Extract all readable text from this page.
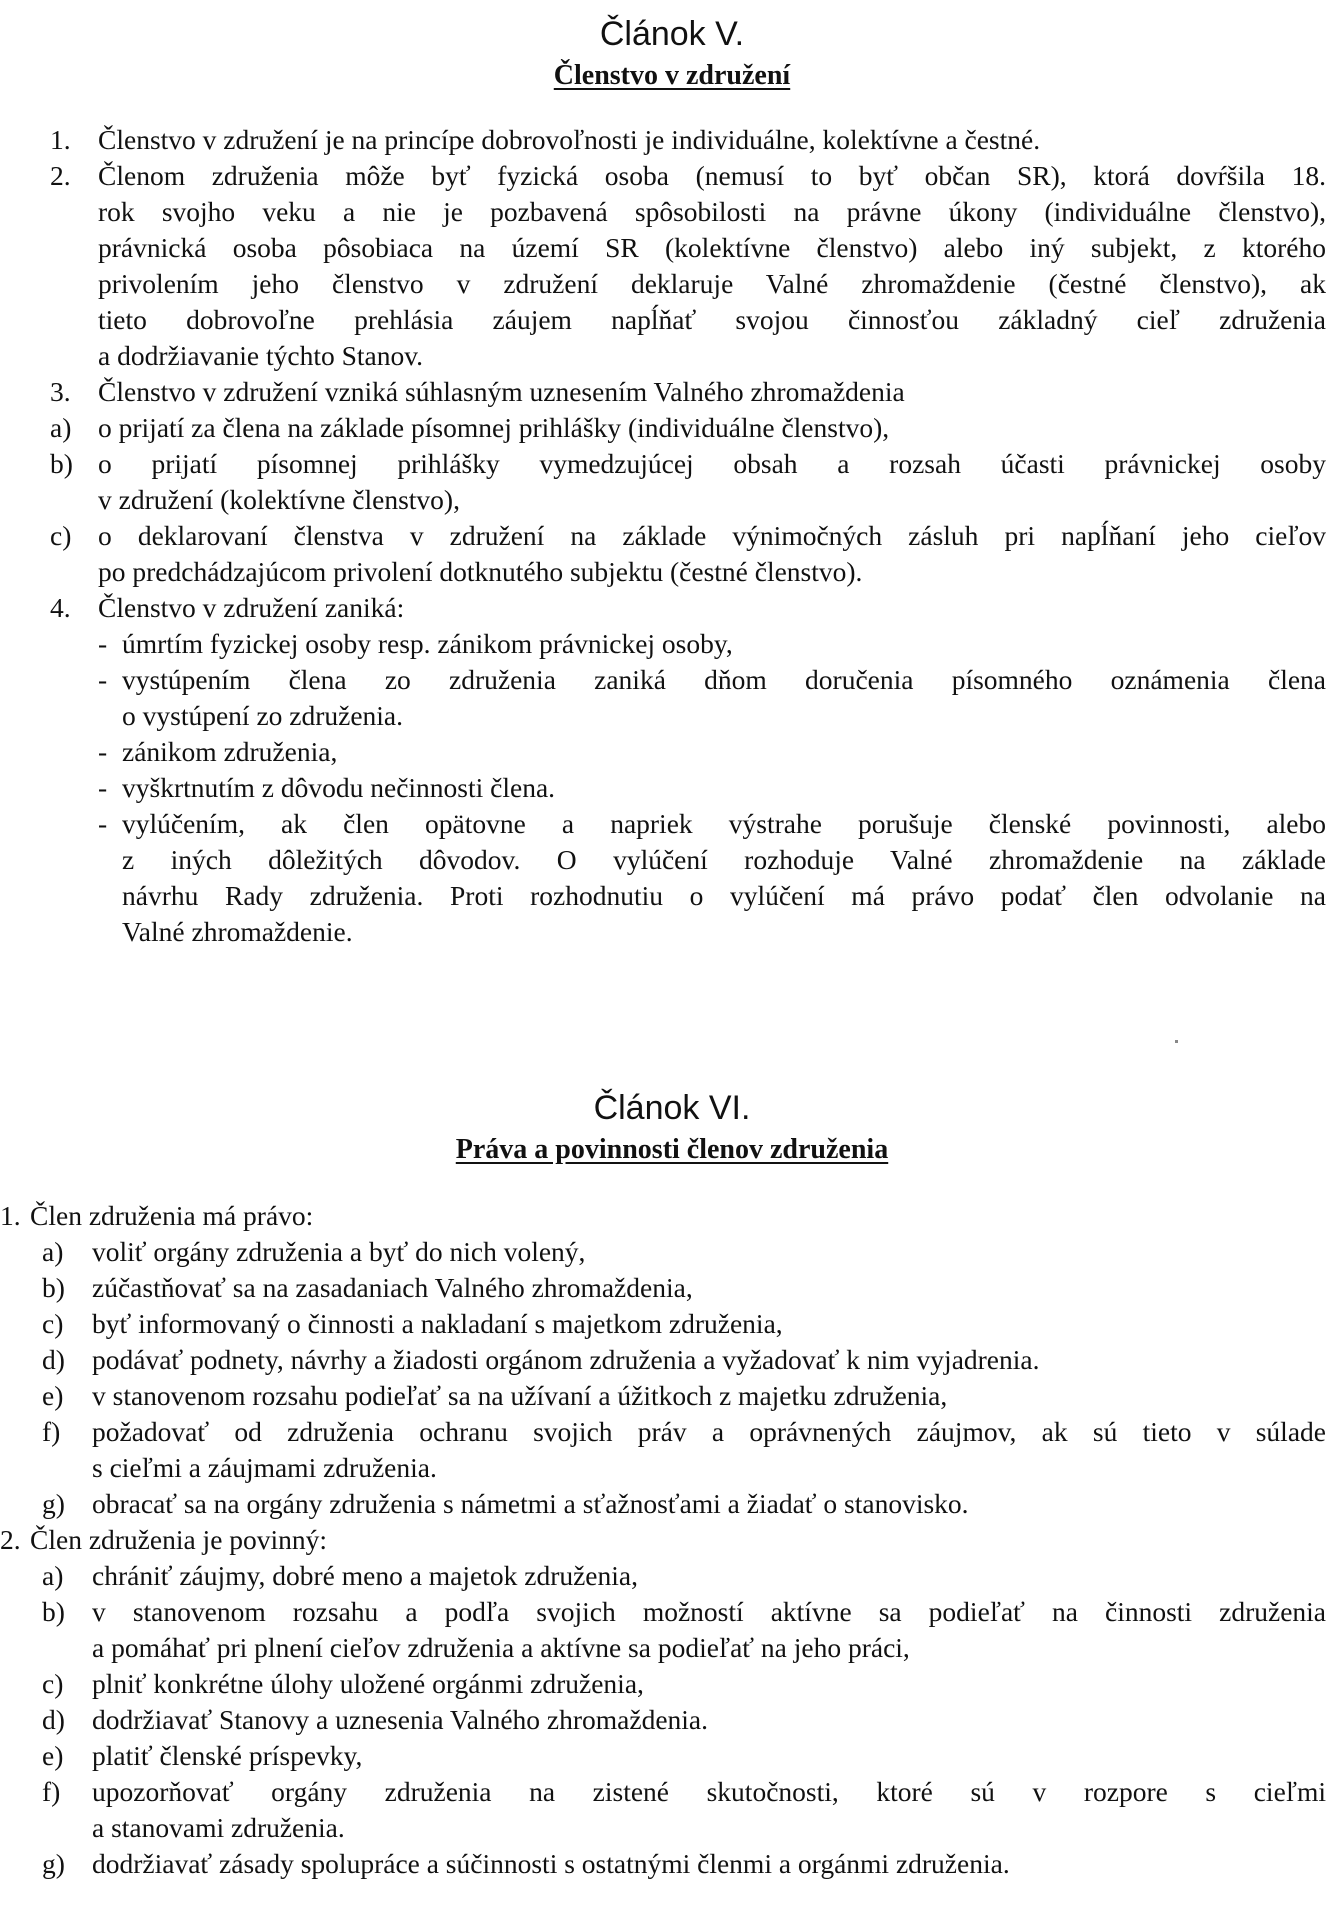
Článok V.
Členstvo v združení
1. Členstvo v združení je na princípe dobrovoľnosti je individuálne, kolektívne a čestné.
2. Členom združenia môže byť fyzická osoba (nemusí to byť občan SR), ktorá dovŕšila 18.
rok svojho veku a nie je pozbavená spôsobilosti na právne úkony (individuálne členstvo),
právnická osoba pôsobiaca na území SR (kolektívne členstvo) alebo iný subjekt, z ktorého
privolením jeho členstvo v združení deklaruje Valné zhromaždenie (čestné členstvo), ak
tieto dobrovoľne prehlásia záujem napĺňať svojou činnosťou základný cieľ združenia
a dodržiavanie týchto Stanov.
3. Členstvo v združení vzniká súhlasným uznesením Valného zhromaždenia
a) o prijatí za člena na základe písomnej prihlášky (individuálne členstvo),
b) o prijatí písomnej prihlášky vymedzujúcej obsah a rozsah účasti právnickej osoby
v združení (kolektívne členstvo),
c) o deklarovaní členstva v združení na základe výnimočných zásluh pri napĺňaní jeho cieľov
po predchádzajúcom privolení dotknutého subjektu (čestné členstvo).
4. Členstvo v združení zaniká:
- úmrtím fyzickej osoby resp. zánikom právnickej osoby,
- vystúpením člena zo združenia zaniká dňom doručenia písomného oznámenia člena
o vystúpení zo združenia.
- zánikom združenia,
- vyškrtnutím z dôvodu nečinnosti člena.
- vylúčením, ak člen opätovne a napriek výstrahe porušuje členské povinnosti, alebo
z iných dôležitých dôvodov. O vylúčení rozhoduje Valné zhromaždenie na základe
návrhu Rady združenia. Proti rozhodnutiu o vylúčení má právo podať člen odvolanie na
Valné zhromaždenie.
Článok VI.
Práva a povinnosti členov združenia
1. Člen združenia má právo:
a) voliť orgány združenia a byť do nich volený,
b) zúčastňovať sa na zasadaniach Valného zhromaždenia,
c) byť informovaný o činnosti a nakladaní s majetkom združenia,
d) podávať podnety, návrhy a žiadosti orgánom združenia a vyžadovať k nim vyjadrenia.
e) v stanovenom rozsahu podieľať sa na užívaní a úžitkoch z majetku združenia,
f) požadovať od združenia ochranu svojich práv a oprávnených záujmov, ak sú tieto v súlade
s cieľmi a záujmami združenia.
g) obracať sa na orgány združenia s námetmi a sťažnosťami a žiadať o stanovisko.
2. Člen združenia je povinný:
a) chrániť záujmy, dobré meno a majetok združenia,
b) v stanovenom rozsahu a podľa svojich možností aktívne sa podieľať na činnosti združenia
a pomáhať pri plnení cieľov združenia a aktívne sa podieľať na jeho práci,
c) plniť konkrétne úlohy uložené orgánmi združenia,
d) dodržiavať Stanovy a uznesenia Valného zhromaždenia.
e) platiť členské príspevky,
f) upozorňovať orgány združenia na zistené skutočnosti, ktoré sú v rozpore s cieľmi
a stanovami združenia.
g) dodržiavať zásady spolupráce a súčinnosti s ostatnými členmi a orgánmi združenia.
